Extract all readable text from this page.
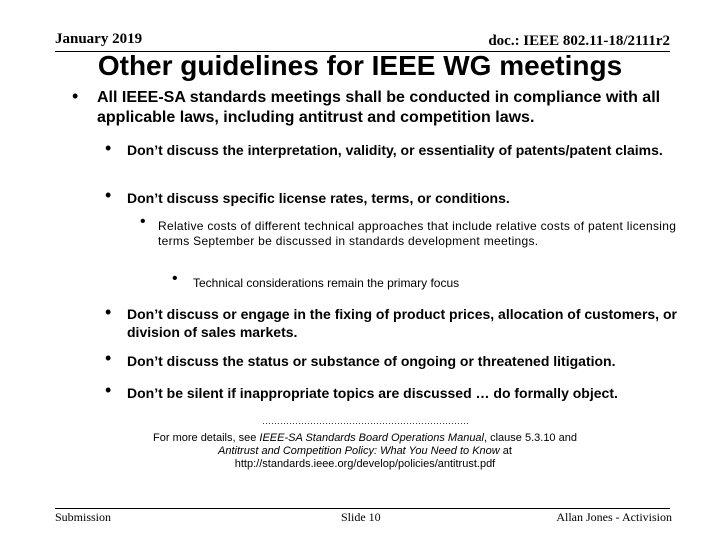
January 2019	doc.: IEEE 802.11-18/2111r2
Other guidelines for IEEE WG meetings
• All IEEE-SA standards meetings shall be conducted in compliance with all applicable laws, including antitrust and competition laws.
• Don’t discuss the interpretation, validity, or essentiality of patents/patent claims.
• Don’t discuss specific license rates, terms, or conditions.
• Relative costs of different technical approaches that include relative costs of patent licensing terms September be discussed in standards development meetings.
• Technical considerations remain the primary focus
• Don’t discuss or engage in the fixing of product prices, allocation of customers, or division of sales markets.
• Don’t discuss the status or substance of ongoing or threatened litigation.
• Don’t be silent if inappropriate topics are discussed … do formally object.
……………………………………………………………
For more details, see IEEE-SA Standards Board Operations Manual, clause 5.3.10 and
Antitrust and Competition Policy: What You Need to Know at
http://standards.ieee.org/develop/policies/antitrust.pdf
Submission	Slide 10	Allan Jones - Activision
